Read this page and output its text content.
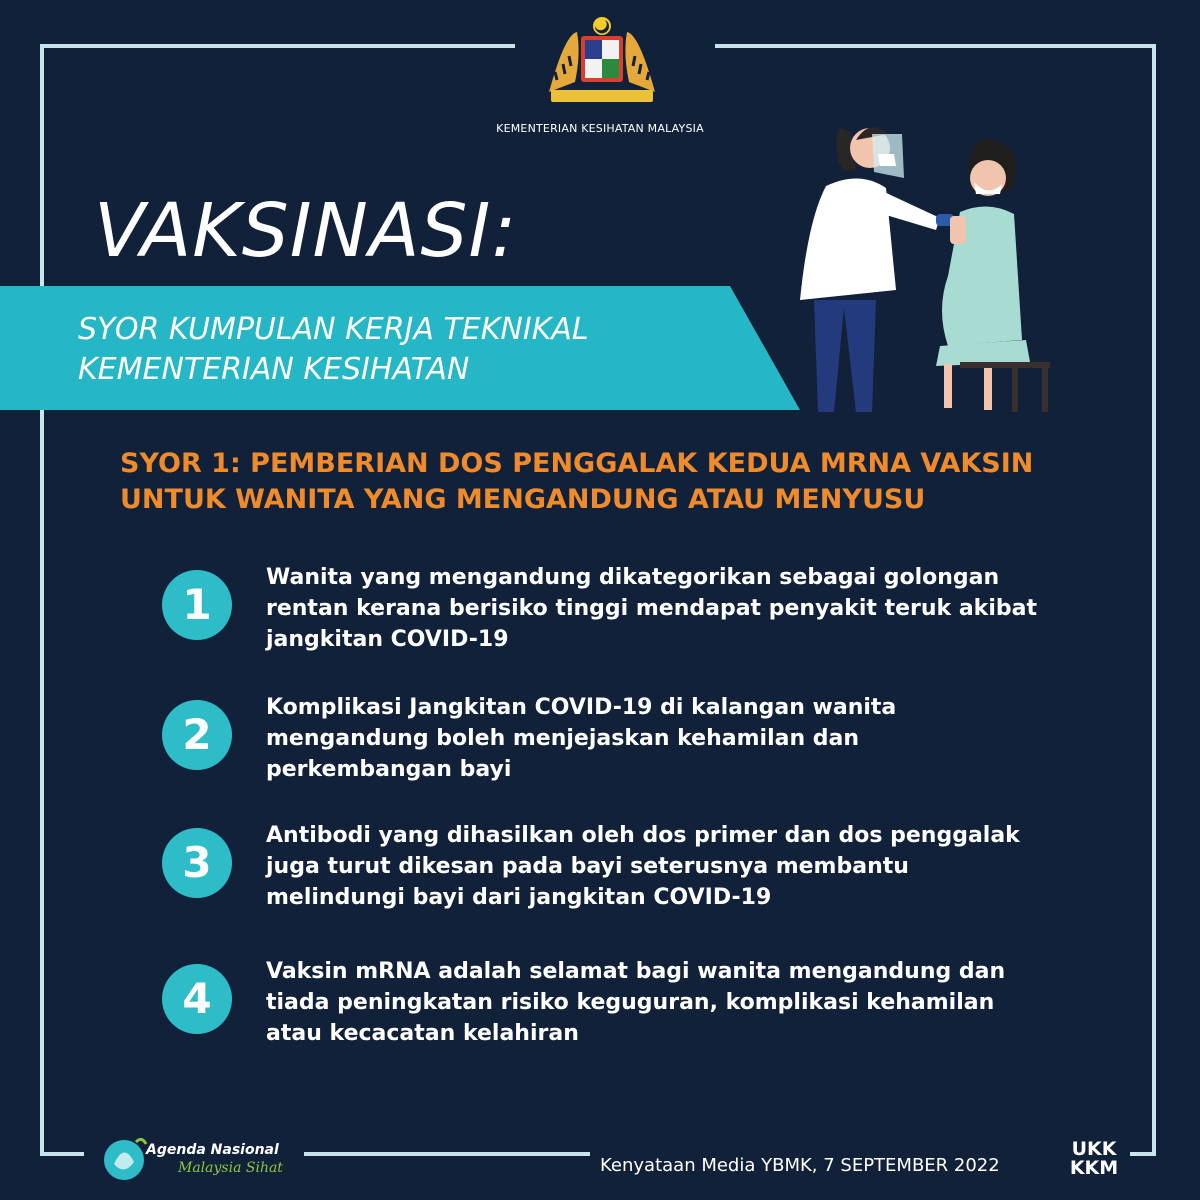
KEMENTERIAN KESIHATAN MALAYSIA
VAKSINASI:
SYOR KUMPULAN KERJA TEKNIKAL
KEMENTERIAN KESIHATAN
SYOR 1: PEMBERIAN DOS PENGGALAK KEDUA MRNA VAKSIN
UNTUK WANITA YANG MENGANDUNG ATAU MENYUSU
1
Wanita yang mengandung dikategorikan sebagai golongan rentan kerana berisiko tinggi mendapat penyakit teruk akibat jangkitan COVID-19
2
Komplikasi Jangkitan COVID-19 di kalangan wanita mengandung boleh menjejaskan kehamilan dan perkembangan bayi
3
Antibodi yang dihasilkan oleh dos primer dan dos penggalak juga turut dikesan pada bayi seterusnya membantu melindungi bayi dari jangkitan COVID-19
4
Vaksin mRNA adalah selamat bagi wanita mengandung dan tiada peningkatan risiko keguguran, komplikasi kehamilan atau kecacatan kelahiran
Agenda Nasional
Malaysia Sihat	Kenyataan Media YBMK, 7 SEPTEMBER 2022
UKK
KKM
